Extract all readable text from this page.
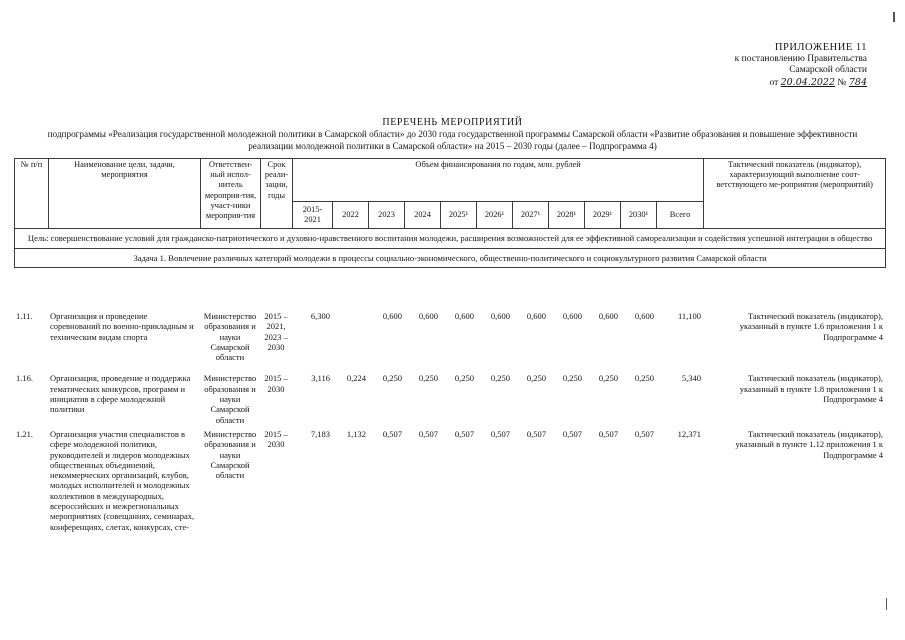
ПРИЛОЖЕНИЕ 11
к постановлению Правительства
Самарской области
от 20.04.2022 № 784
ПЕРЕЧЕНЬ МЕРОПРИЯТИЙ
подпрограммы «Реализация государственной молодежной политики в Самарской области» до 2030 года государственной программы Самарской области «Развитие образования и повышение эффективности реализации молодежной политики в Самарской области» на 2015 – 2030 годы (далее – Подпрограмма 4)
№ п/п	Наименование цели, задачи, мероприятия	Ответствен-ный испол-нитель мероприя-тия, участ-ники мероприя-тия	Срок реали-зации, годы	Объем финансирования по годам, млн. рублей											Тактический показатель (индикатор), характеризующий выполнение соот-ветствующего ме-роприятия (мероприятий)
				2015-2021	2022	2023	2024	2025¹	2026¹	2027¹	2028¹	2029¹	2030¹	Всего	
Цель: совершенствование условий для гражданско-патриотического и духовно-нравственного воспитания молодежи, расширения возможностей для ее эффективной самореализации и содействия успешной интеграции в общество															
Задача 1. Вовлечение различных категорий молодежи в процессы социально-экономического, общественно-политического и социокультурного развития Самарской области															
1.11.	Организация и проведение соревнований по военно-прикладным и техническим видам спорта	Министерство образования и науки Самарской области	2015 – 2021, 2023 – 2030	6,300		0,600	0,600	0,600	0,600	0,600	0,600	0,600	0,600	11,100	Тактический показатель (индикатор), указанный в пункте 1.6 приложения 1 к Подпрограмме 4

1.16.	Организация, проведение и поддержка тематических конкурсов, программ и инициатив в сфере молодежной политики	Министерство образования и науки Самарской области	2015 – 2030	3,116	0,224	0,250	0,250	0,250	0,250	0,250	0,250	0,250	0,250	5,340	Тактический показатель (индикатор), указанный в пункте 1.8 приложения 1 к Подпрограмме 4

1.21.	Организация участия специалистов в сфере молодежной политики, руководителей и лидеров молодежных общественных объединений, некоммерческих организаций, клубов, молодых исполнителей и молодежных коллективов в международных, всероссийских и межрегиональных мероприятиях (совещаниях, семинарах, конференциях, слетах, конкурсах, сте-	Министерство образования и науки Самарской области	2015 – 2030	7,183	1,132	0,507	0,507	0,507	0,507	0,507	0,507	0,507	0,507	12,371	Тактический показатель (индикатор), указанный в пункте 1.12 приложения 1 к Подпрограмме 4
